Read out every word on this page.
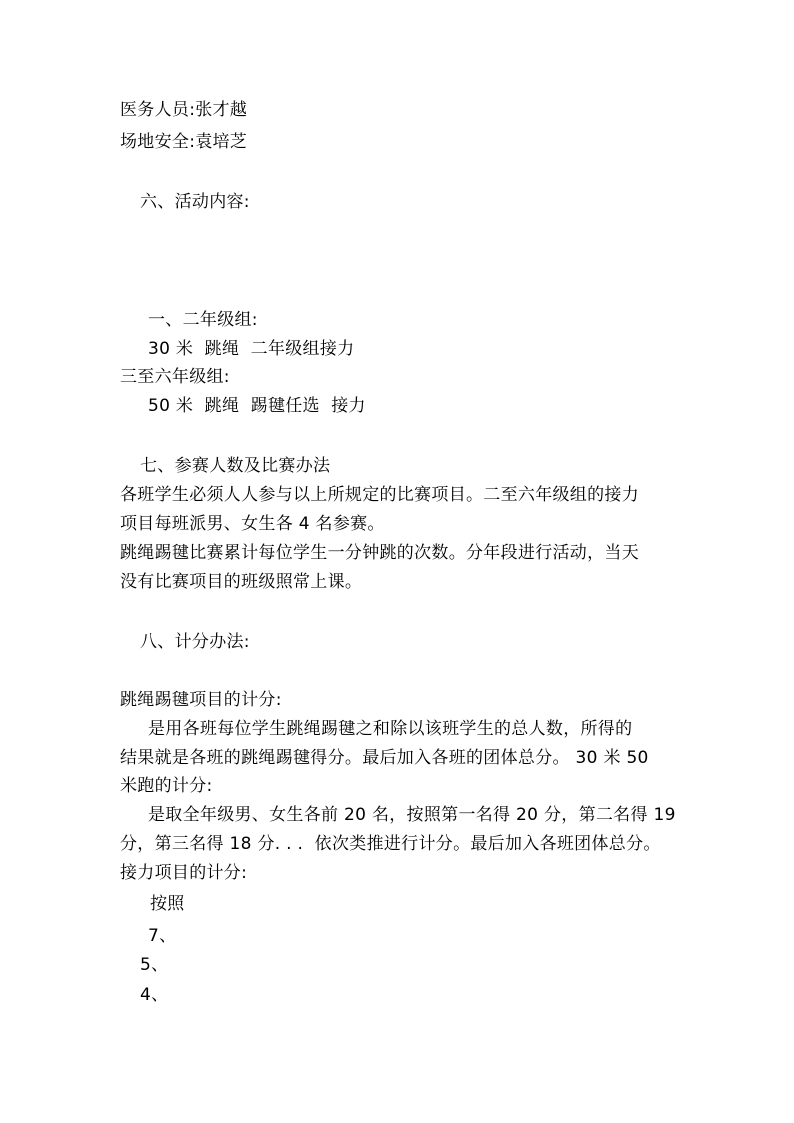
医务人员:张才越
场地安全:袁培芝
六、活动内容:
一、二年级组:
30 米  跳绳  二年级组接力
三至六年级组:
50 米  跳绳  踢毽任选  接力
七、参赛人数及比赛办法
各班学生必须人人参与以上所规定的比赛项目。二至六年级组的接力
项目每班派男、女生各 4 名参赛。
跳绳踢毽比赛累计每位学生一分钟跳的次数。分年段进行活动，当天
没有比赛项目的班级照常上课。
八、计分办法:
跳绳踢毽项目的计分:
是用各班每位学生跳绳踢毽之和除以该班学生的总人数，所得的
结果就是各班的跳绳踢毽得分。最后加入各班的团体总分。 30 米 50
米跑的计分:
是取全年级男、女生各前 20 名，按照第一名得 20 分，第二名得 19
分，第三名得 18 分. . .  依次类推进行计分。最后加入各班团体总分。
接力项目的计分:
按照
7、
5、
4、
